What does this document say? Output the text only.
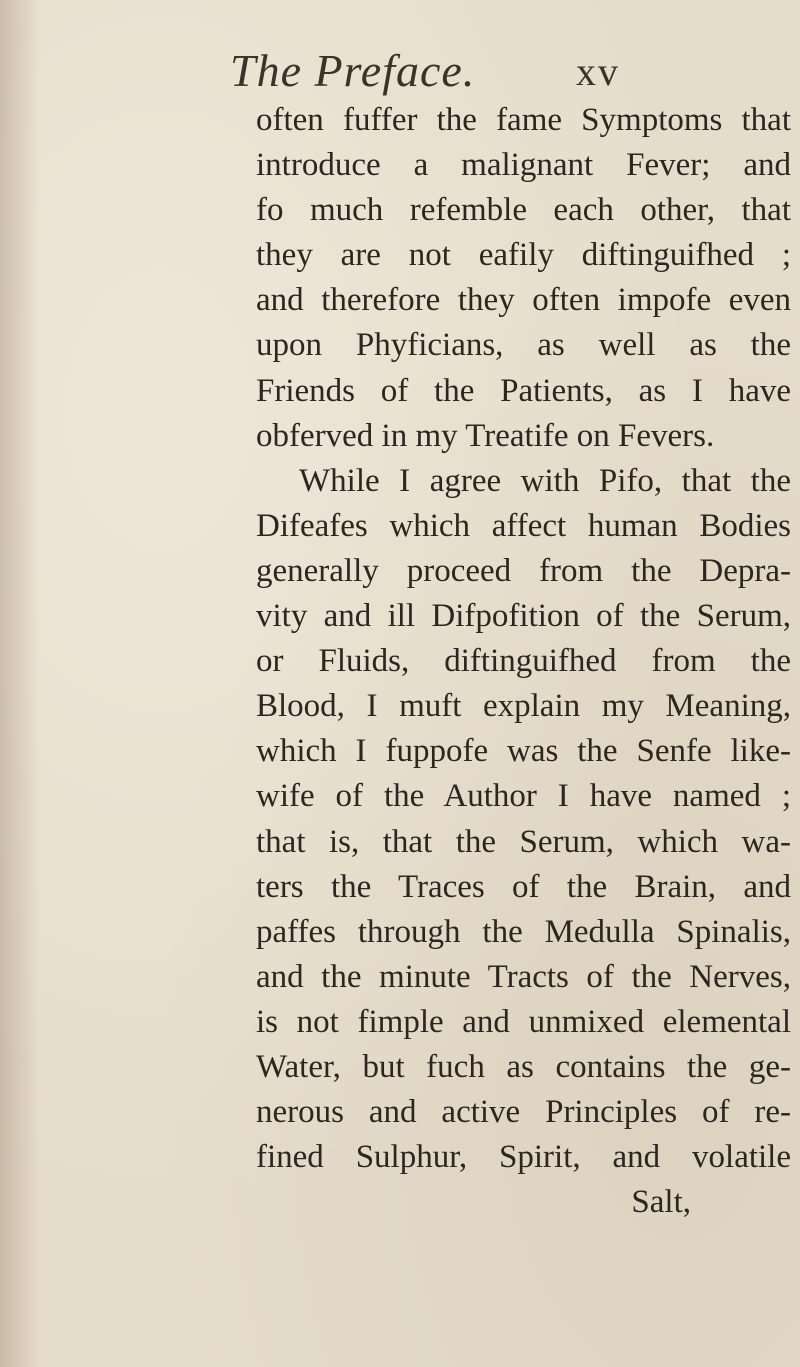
The Preface.	xv
often fuffer the fame Symptoms that
introduce a malignant Fever; and
fo much refemble each other, that
they are not eafily diftinguifhed ;
and therefore they often impofe even
upon Phyficians, as well as the
Friends of the Patients, as I have
obferved in my Treatife on Fevers.
While I agree with Pifo, that the
Difeafes which affect human Bodies
generally proceed from the Depra-
vity and ill Difpofition of the Serum,
or Fluids, diftinguifhed from the
Blood, I muft explain my Meaning,
which I fuppofe was the Senfe like-
wife of the Author I have named ;
that is, that the Serum, which wa-
ters the Traces of the Brain, and
paffes through the Medulla Spinalis,
and the minute Tracts of the Nerves,
is not fimple and unmixed elemental
Water, but fuch as contains the ge-
nerous and active Principles of re-
fined Sulphur, Spirit, and volatile
Salt,
